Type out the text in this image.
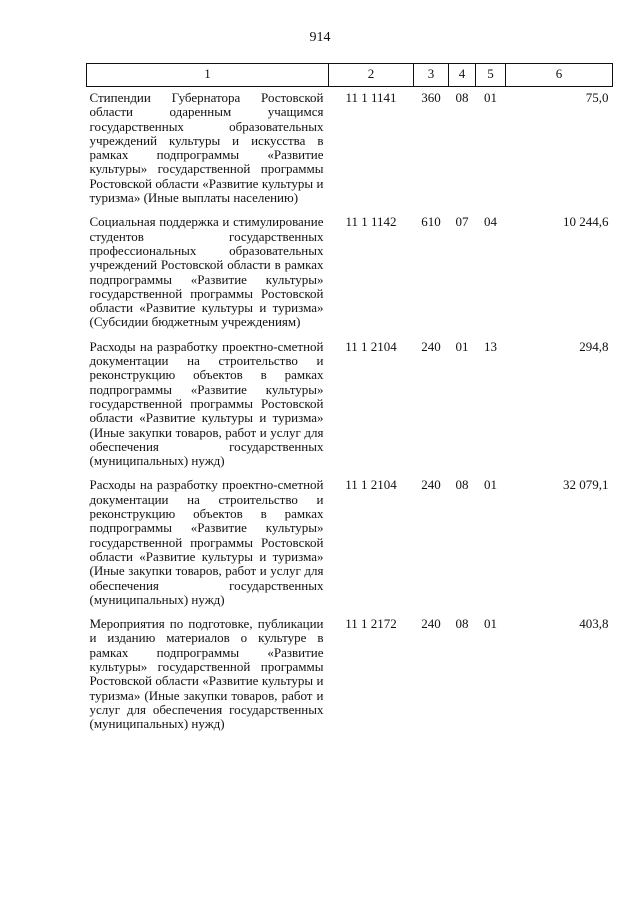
914
1	2	3	4	5	6
Стипендии Губернатора Ростовской области одаренным учащимся государственных образовательных учреждений культуры и искусства в рамках подпрограммы «Развитие культуры» государственной программы Ростовской области «Развитие культуры и туризма» (Иные выплаты населению)	11 1 1141	360	08	01	75,0
Социальная поддержка и стимулирование студентов государственных профессиональных образовательных учреждений Ростовской области в рамках подпрограммы «Развитие культуры» государственной программы Ростовской области «Развитие культуры и туризма» (Субсидии бюджетным учреждениям)	11 1 1142	610	07	04	10 244,6
Расходы на разработку проектно-сметной документации на строительство и реконструкцию объектов в рамках подпрограммы «Развитие культуры» государственной программы Ростовской области «Развитие культуры и туризма» (Иные закупки товаров, работ и услуг для обеспечения государственных (муниципальных) нужд)	11 1 2104	240	01	13	294,8
Расходы на разработку проектно-сметной документации на строительство и реконструкцию объектов в рамках подпрограммы «Развитие культуры» государственной программы Ростовской области «Развитие культуры и туризма» (Иные закупки товаров, работ и услуг для обеспечения государственных (муниципальных) нужд)	11 1 2104	240	08	01	32 079,1
Мероприятия по подготовке, публикации и изданию материалов о культуре в рамках подпрограммы «Развитие культуры» государственной программы Ростовской области «Развитие культуры и туризма» (Иные закупки товаров, работ и услуг для обеспечения государственных (муниципальных) нужд)	11 1 2172	240	08	01	403,8
